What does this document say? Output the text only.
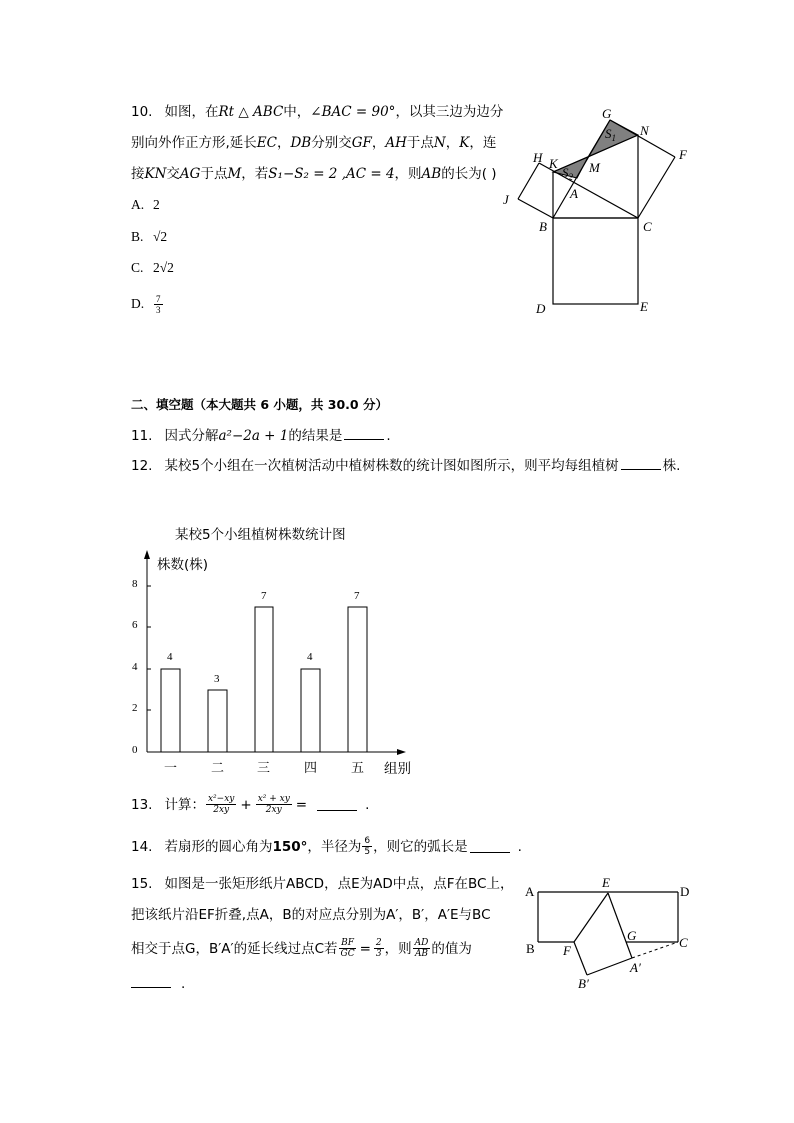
10. 如图，在Rt △ ABC中，∠BAC = 90°，以其三边为边分
别向外作正方形,延长EC，DB分别交GF，AH于点N，K，连
接KN交AG于点M，若S₁−S₂ = 2 ,AC = 4，则AB的长为( )
A. 2
B. √2
C. 2√2
D. $\frac{7}{3}$
G
N
F
H K M
$S_1$
$S_2$
J	A
B	C
D	E
二、填空题（本大题共 6 小题，共 30.0 分）
11. 因式分解a²−2a + 1的结果是	.
12. 某校5个小组在一次植树活动中植树株数的统计图如图所示，则平均每组植树	株.
某校5个小组植树株数统计图
株数(株)
组别
0
2
4
6
8
4
3
7
4
7
一	二	三	四	五
13. 计算： $\frac{\text{x²−xy}}{2xy} + \frac{\text{x² + xy}}{2xy}$ =	.
14. 若扇形的圆心角为 150° ，半径为 $\frac{6}{5}$ ，则它的弧长是	.
15. 如图是一张矩形纸片ABCD，点E为AD中点，点F在BC上，
把该纸片沿EF折叠,点A，B的对应点分别为A′，B′，A′E与BC
相交于点G，B′A′的延长线过点C若 $\frac{BF}{GC} = \frac{2}{3}$ ，则 $\frac{AD}{AB}$ 的值为
.
A
E
D
B F
G	C
A′
B′
